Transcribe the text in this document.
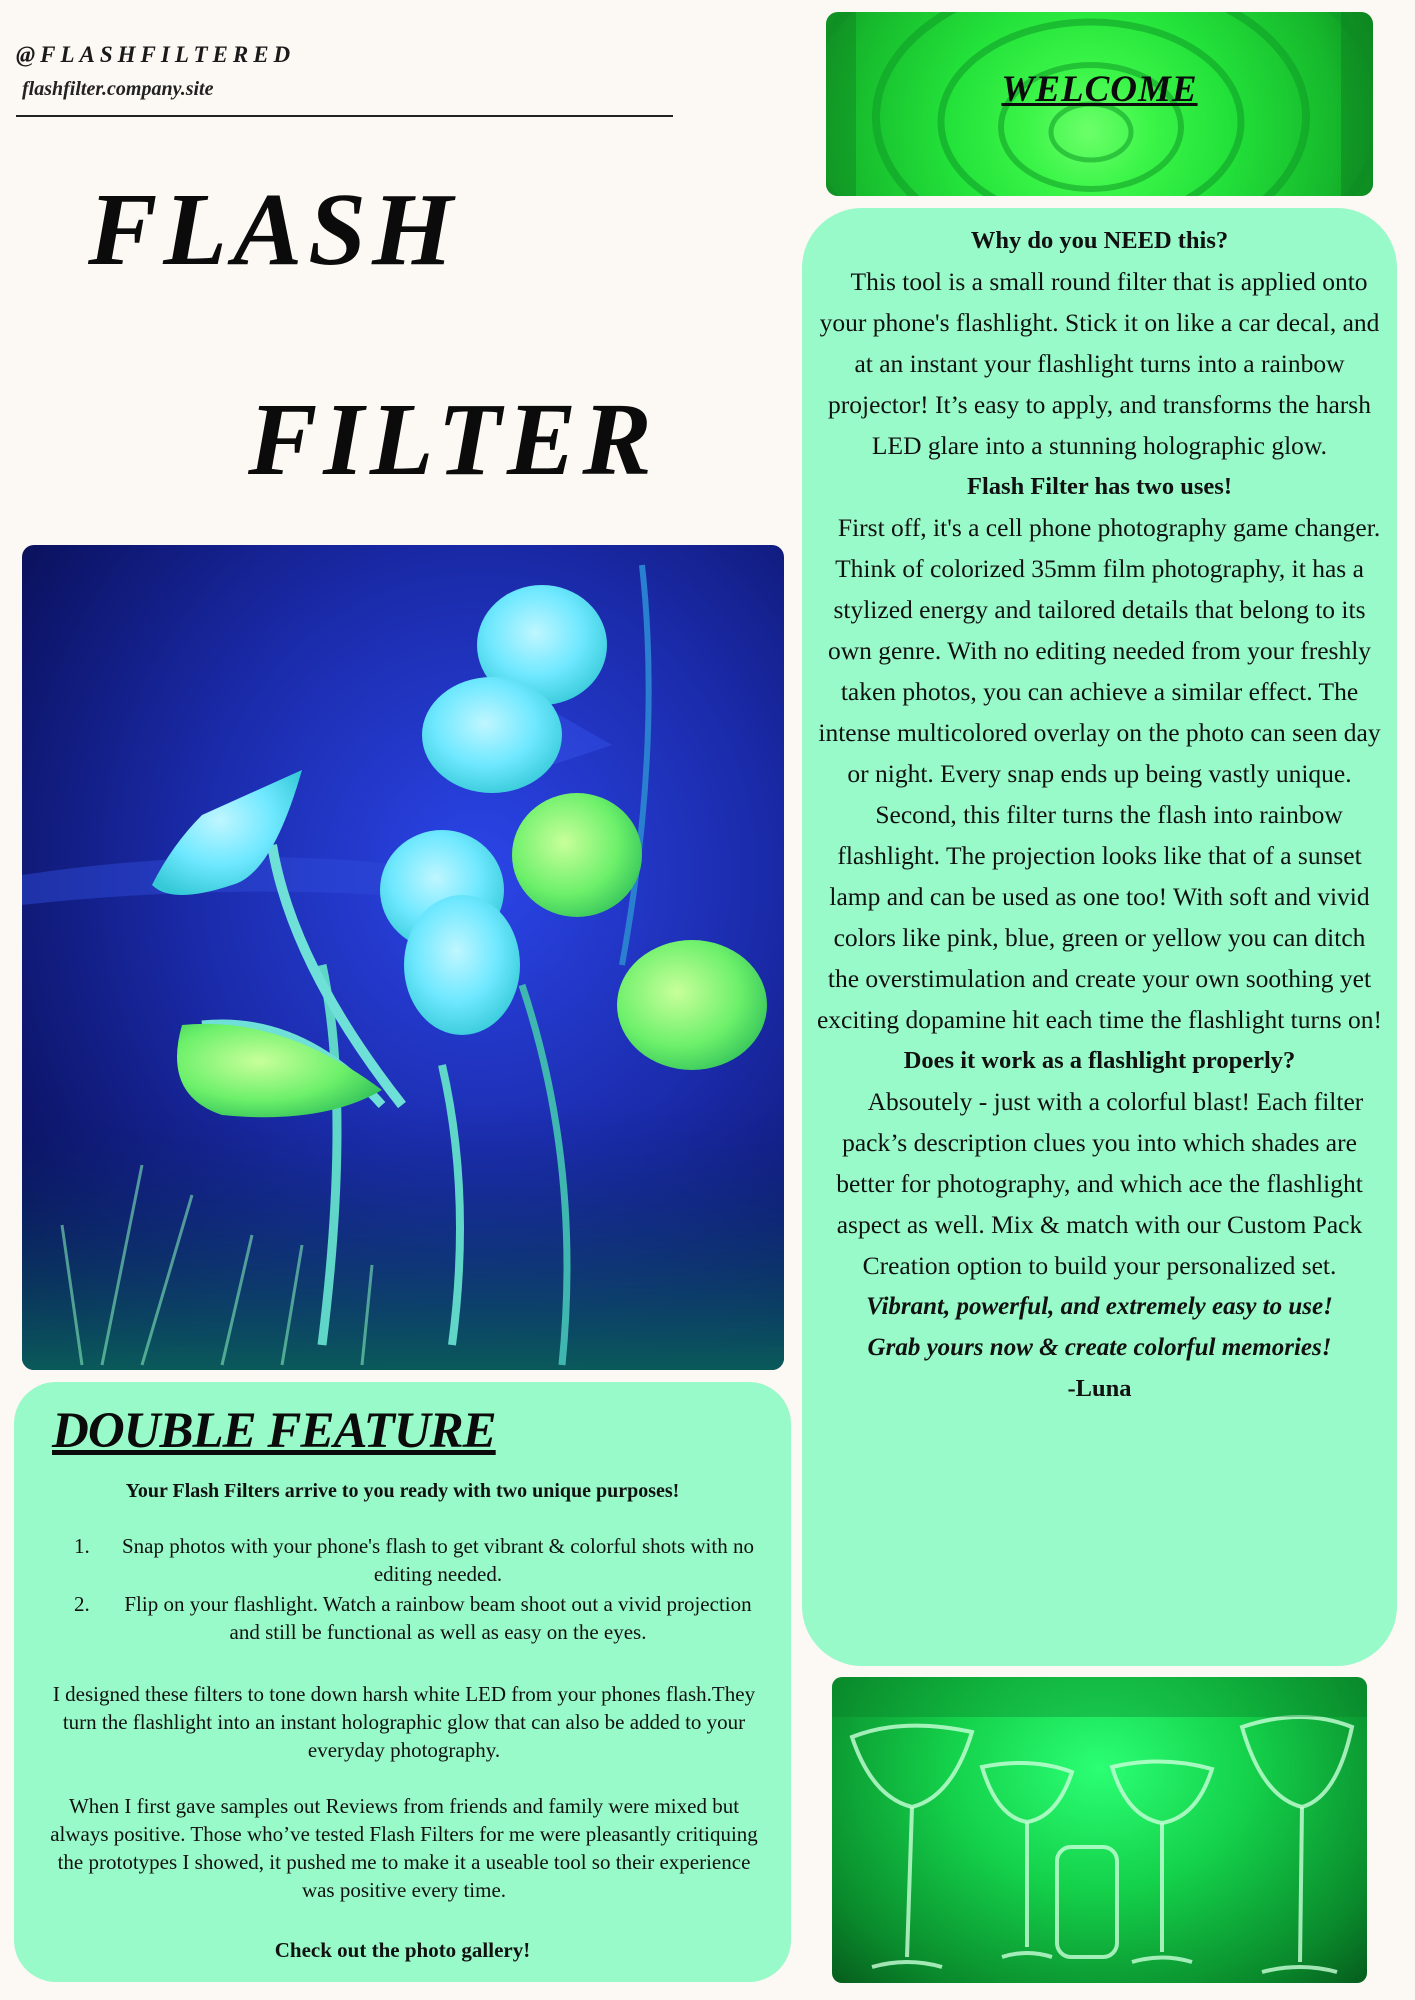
@FLASHFILTERED
flashfilter.company.site
FLASH
FILTER
DOUBLE FEATURE
Your Flash Filters arrive to you ready with two unique purposes!
1.	Snap photos with your phone's flash to get vibrant & colorful shots with no editing needed.
2.	Flip on your flashlight. Watch a rainbow beam shoot out a vivid projection and still be functional as well as easy on the eyes.
I designed these filters to tone down harsh white LED from your phones flash.They turn the flashlight into an instant holographic glow that can also be added to your everyday photography.
When I first gave samples out Reviews from friends and family were mixed but always positive. Those who’ve tested Flash Filters for me were pleasantly critiquing the prototypes I showed, it pushed me to make it a useable tool so their experience was positive every time.
Check out the photo gallery!
WELCOME

Why do you NEED this?

This tool is a small round filter that is applied onto your phone's flashlight. Stick it on like a car decal, and at an instant your flashlight turns into a rainbow projector! It’s easy to apply, and transforms the harsh LED glare into a stunning holographic glow.

Flash Filter has two uses!

First off, it's a cell phone photography game changer. Think of colorized 35mm film photography, it has a stylized energy and tailored details that belong to its own genre. With no editing needed from your freshly taken photos, you can achieve a similar effect. The intense multicolored overlay on the photo can seen day or night. Every snap ends up being vastly unique.

Second, this filter turns the flash into rainbow flashlight. The projection looks like that of a sunset lamp and can be used as one too! With soft and vivid colors like pink, blue, green or yellow you can ditch the overstimulation and create your own soothing yet exciting dopamine hit each time the flashlight turns on!

Does it work as a flashlight properly?

Absoutely - just with a colorful blast! Each filter pack’s description clues you into which shades are better for photography, and which ace the flashlight aspect as well. Mix & match with our Custom Pack Creation option to build your personalized set.

Vibrant, powerful, and extremely easy to use!

Grab yours now & create colorful memories!

-Luna
